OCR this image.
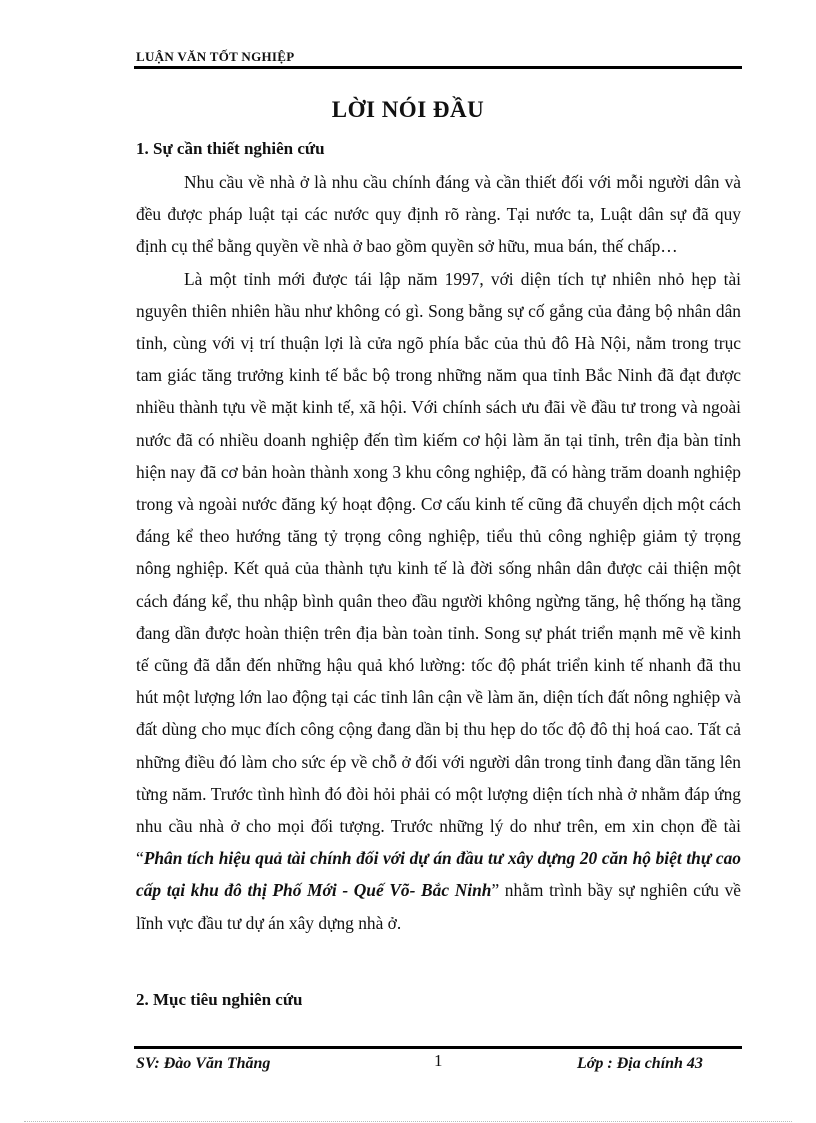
LUẬN VĂN TỐT NGHIỆP
LỜI NÓI ĐẦU
1. Sự cần thiết nghiên cứu

Nhu cầu về nhà ở là nhu cầu chính đáng và cần thiết đối với mỗi người dân và đều được pháp luật tại các nước quy định rõ ràng. Tại nước ta, Luật dân sự đã quy định cụ thể bằng quyền về nhà ở bao gồm quyền sở hữu, mua bán, thế chấp…

Là một tỉnh mới được tái lập năm 1997, với diện tích tự nhiên nhỏ hẹp tài nguyên thiên nhiên hầu như không có gì. Song bằng sự cố gắng của đảng bộ nhân dân tỉnh, cùng với vị trí thuận lợi là cửa ngõ phía bắc của thủ đô Hà Nội, nằm trong trục tam giác tăng trưởng kinh tế bắc bộ trong những năm qua tỉnh Bắc Ninh đã đạt được nhiều thành tựu về mặt kinh tế, xã hội. Với chính sách ưu đãi về đầu tư trong và ngoài nước đã có nhiều doanh nghiệp đến tìm kiếm cơ hội làm ăn tại tỉnh, trên địa bàn tỉnh hiện nay đã cơ bản hoàn thành xong 3 khu công nghiệp, đã có hàng trăm doanh nghiệp trong và ngoài nước đăng ký hoạt động. Cơ cấu kinh tế cũng đã chuyển dịch một cách đáng kể theo hướng tăng tỷ trọng công nghiệp, tiểu thủ công nghiệp giảm tỷ trọng nông nghiệp. Kết quả của thành tựu kinh tế là đời sống nhân dân được cải thiện một cách đáng kể, thu nhập bình quân theo đầu người không ngừng tăng, hệ thống hạ tầng đang dần được hoàn thiện trên địa bàn toàn tỉnh. Song sự phát triển mạnh mẽ về kinh tế cũng đã dẫn đến những hậu quả khó lường: tốc độ phát triển kinh tế nhanh đã thu hút một lượng lớn lao động tại các tỉnh lân cận về làm ăn, diện tích đất nông nghiệp và đất dùng cho mục đích công cộng đang dần bị thu hẹp do tốc độ đô thị hoá cao. Tất cả những điều đó làm cho sức ép về chỗ ở đối với người dân trong tỉnh đang dần tăng lên từng năm. Trước tình hình đó đòi hỏi phải có một lượng diện tích nhà ở nhằm đáp ứng nhu cầu nhà ở cho mọi đối tượng. Trước những lý do như trên, em xin chọn đề tài “Phân tích hiệu quả tài chính đối với dự án đầu tư xây dựng 20 căn hộ biệt thự cao cấp tại khu đô thị Phố Mới - Quế Võ- Bắc Ninh” nhằm trình bầy sự nghiên cứu về lĩnh vực đầu tư dự án xây dựng nhà ở.

2. Mục tiêu nghiên cứu
SV: Đào Văn Thăng	1	Lớp : Địa chính 43
